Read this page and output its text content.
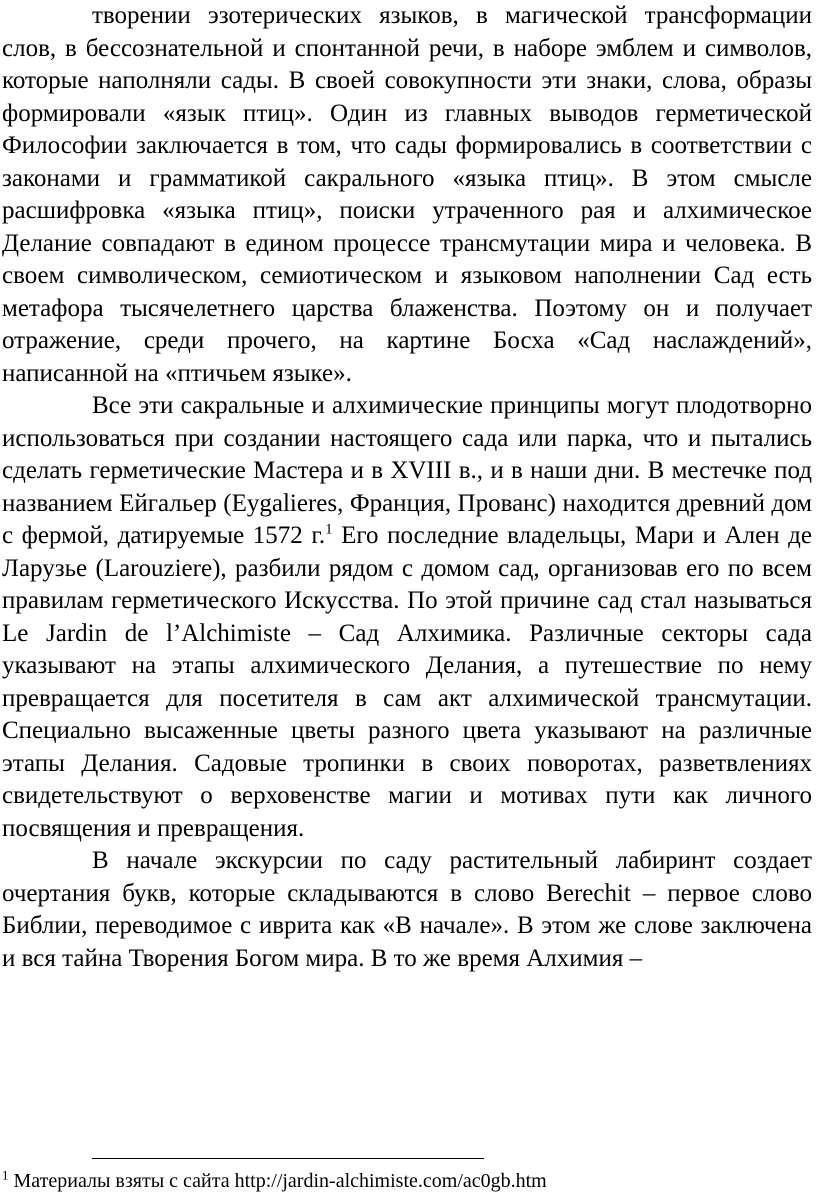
творении эзотерических языков, в магической трансформации слов, в бессознательной и спонтанной речи, в наборе эмблем и символов, которые наполняли сады. В своей совокупности эти знаки, слова, образы формировали «язык птиц». Один из главных выводов герметической Философии заключается в том, что сады формировались в соответствии с законами и грамматикой сакрального «языка птиц». В этом смысле расшифровка «языка птиц», поиски утраченного рая и алхимическое Делание совпадают в едином процессе трансмутации мира и человека. В своем символическом, семиотическом и языковом наполнении Сад есть метафора тысячелетнего царства блаженства. Поэтому он и получает отражение, среди прочего, на картине Босха «Сад наслаждений», написанной на «птичьем языке».

Все эти сакральные и алхимические принципы могут плодотворно использоваться при создании настоящего сада или парка, что и пытались сделать герметические Мастера и в XVIII в., и в наши дни. В местечке под названием Ейгальер (Eygalieres, Франция, Прованс) находится древний дом с фермой, датируемые 1572 г.$^1$ Его последние владельцы, Мари и Ален де Ларузье (Larouziere), разбили рядом с домом сад, организовав его по всем правилам герметического Искусства. По этой причине сад стал называться Le Jardin de l’Alchimiste – Сад Алхимика. Различные секторы сада указывают на этапы алхимического Делания, а путешествие по нему превращается для посетителя в сам акт алхимической трансмутации. Специально высаженные цветы разного цвета указывают на различные этапы Делания. Садовые тропинки в своих поворотах, разветвлениях свидетельствуют о верховенстве магии и мотивах пути как личного посвящения и превращения.

В начале экскурсии по саду растительный лабиринт создает очертания букв, которые складываются в слово Berechit – первое слово Библии, переводимое с иврита как «В начале». В этом же слове заключена и вся тайна Творения Богом мира. В то же время Алхимия –

$^1$ Материалы взяты с сайта http://jardin-alchimiste.com/ac0gb.htm
